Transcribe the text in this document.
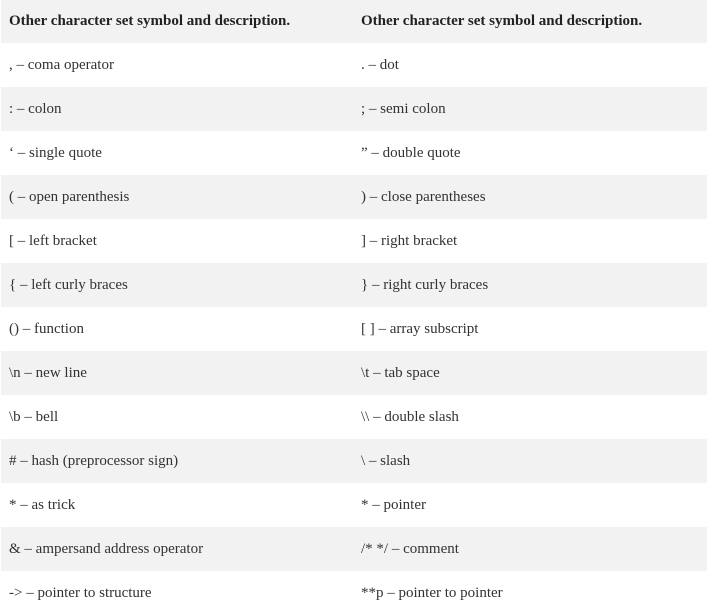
Other character set symbol and description.	Other character set symbol and description.
, – coma operator	. – dot
: – colon	; – semi colon
‘ – single quote	” – double quote
( – open parenthesis	) – close parentheses
[ – left bracket	] – right bracket
{ – left curly braces	} – right curly braces
() – function	[ ] – array subscript
\n – new line	\t – tab space
\b – bell	\\ – double slash
# – hash (preprocessor sign)	\ – slash
* – as trick	* – pointer
& – ampersand address operator	/* */ – comment
-> – pointer to structure	**p – pointer to pointer
